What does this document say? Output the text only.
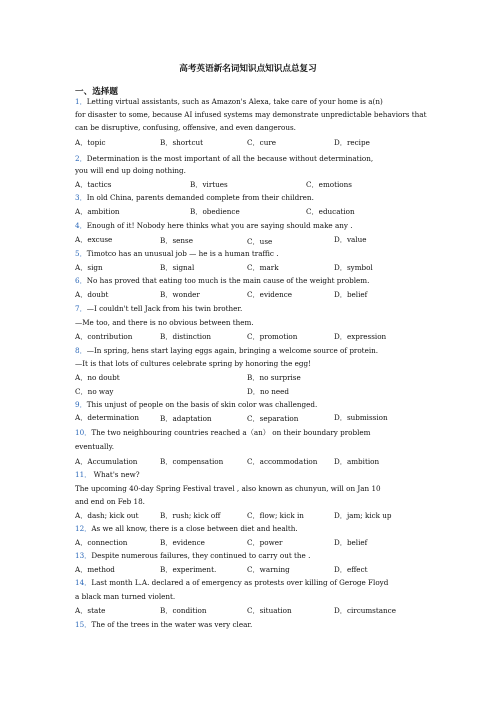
高考英语新名词知识点知识点总复习
一、选择题
1．Letting virtual assistants, such as Amazon's Alexa, take care of your home is a(n)
for disaster to some, because AI infused systems may demonstrate unpredictable behaviors that
can be disruptive, confusing, offensive, and even dangerous.
2．Determination is the most important of all the because without determination,
you will end up doing nothing.
3．In old China, parents demanded complete from their children.
4．Enough of it! Nobody here thinks what you are saying should make any .
5．Timotco has an unusual job — he is a human traffic .
6．No has proved that eating too much is the main cause of the weight problem.
7．—I couldn't tell Jack from his twin brother.
—Me too, and there is no obvious between them.
8．—In spring, hens start laying eggs again, bringing a welcome source of protein.
—It is that lots of cultures celebrate spring by honoring the egg!
9．This unjust of people on the basis of skin color was challenged.
10．The two neighbouring countries reached a（an） on their boundary problem
eventually.
11． What's new?
The upcoming 40-day Spring Festival travel , also known as chunyun, will on Jan 10
and end on Feb 18.
12．As we all know, there is a close between diet and health.
13．Despite numerous failures, they continued to carry out the .
14．Last month L.A. declared a of emergency as protests over killing of Geroge Floyd
a black man turned violent.
15．The of the trees in the water was very clear.
A．topic	B．shortcut	C．cure	D．recipe
A．tactics	B．virtues	C．emotions
A．ambition	B．obedience	C．education
A．excuse	B．sense	C．use	D．value
A．sign	B．signal	C．mark	D．symbol
A．doubt	B．wonder	C．evidence	D．belief
A．contribution	B．distinction	C．promotion	D．expression
A．no doubt	B．no surprise
C．no way	D．no need
A．determination	B．adaptation	C．separation	D．submission
A．Accumulation	B．compensation	C．accommodation D．ambition
A．dash; kick out	B．rush; kick off	C．flow; kick in	D．jam; kick up
A．connection	B．evidence	C．power	D．belief
A．method	B．experiment.	C．warning	D．effect
A．state	B．condition	C．situation	D．circumstance
